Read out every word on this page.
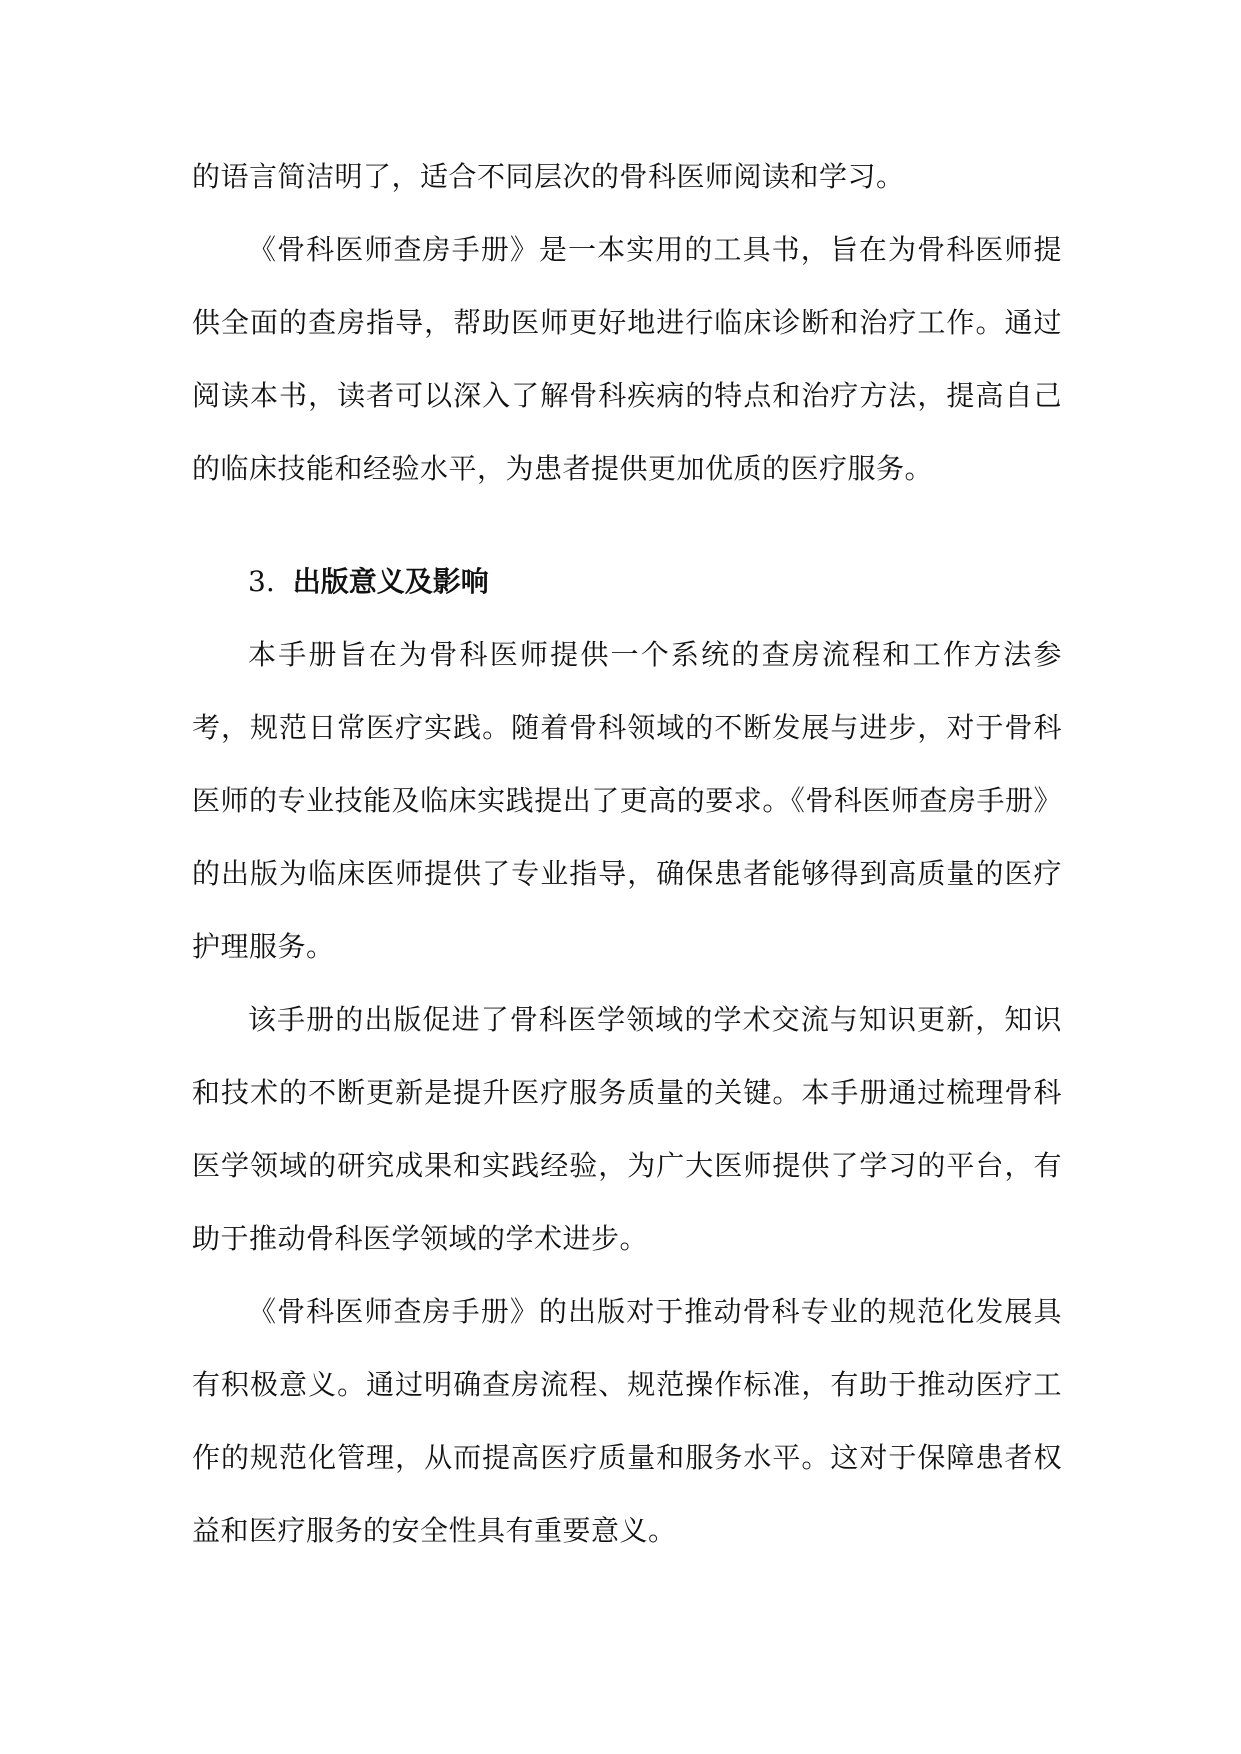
的语言简洁明了，适合不同层次的骨科医师阅读和学习。

《骨科医师查房手册》是一本实用的工具书，旨在为骨科医师提供全面的查房指导，帮助医师更好地进行临床诊断和治疗工作。通过阅读本书，读者可以深入了解骨科疾病的特点和治疗方法，提高自己的临床技能和经验水平，为患者提供更加优质的医疗服务。

3. 出版意义及影响

本手册旨在为骨科医师提供一个系统的查房流程和工作方法参考，规范日常医疗实践。随着骨科领域的不断发展与进步，对于骨科医师的专业技能及临床实践提出了更高的要求。《骨科医师查房手册》的出版为临床医师提供了专业指导，确保患者能够得到高质量的医疗护理服务。

该手册的出版促进了骨科医学领域的学术交流与知识更新，知识和技术的不断更新是提升医疗服务质量的关键。本手册通过梳理骨科医学领域的研究成果和实践经验，为广大医师提供了学习的平台，有助于推动骨科医学领域的学术进步。

《骨科医师查房手册》的出版对于推动骨科专业的规范化发展具有积极意义。通过明确查房流程、规范操作标准，有助于推动医疗工作的规范化管理，从而提高医疗质量和服务水平。这对于保障患者权益和医疗服务的安全性具有重要意义。
